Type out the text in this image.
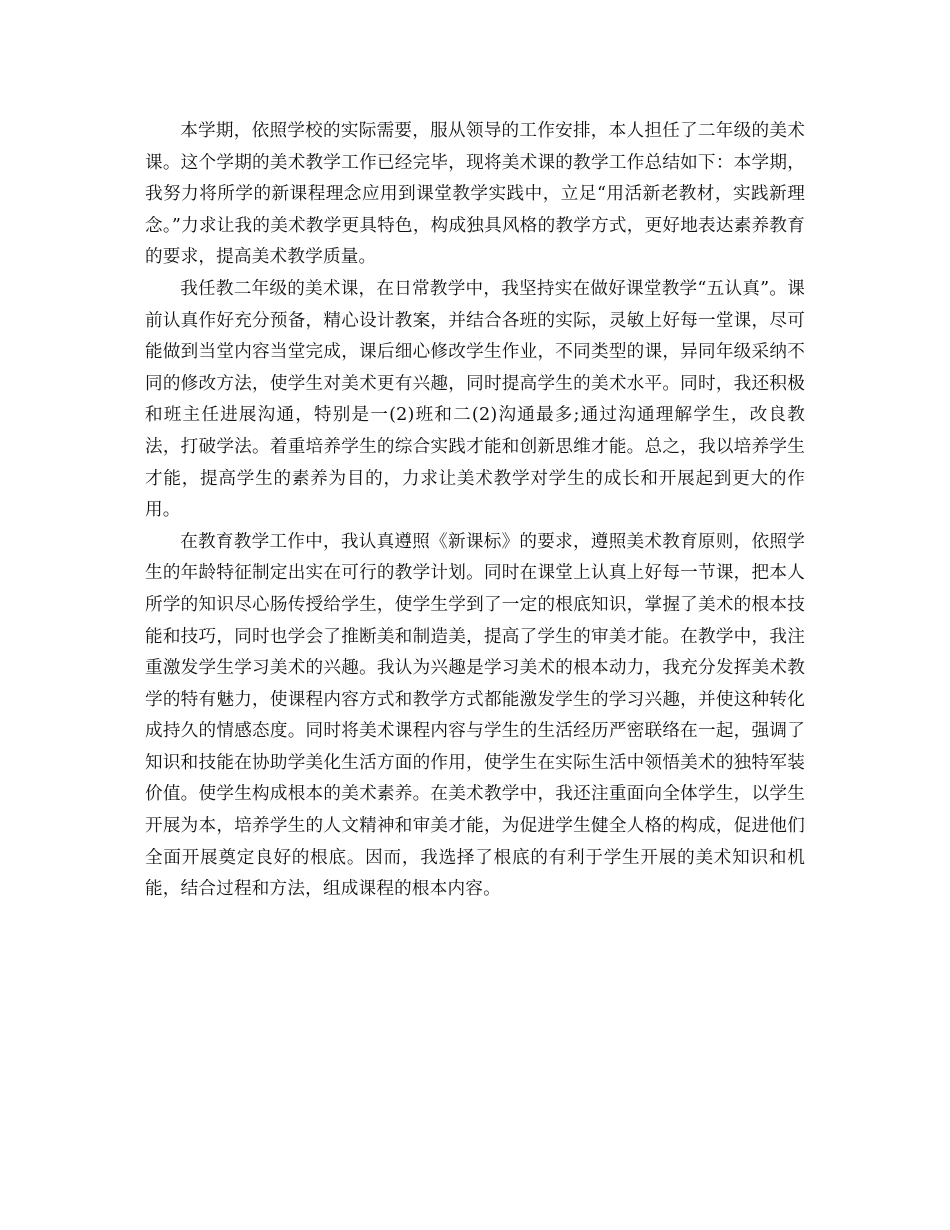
本学期，依照学校的实际需要，服从领导的工作安排，本人担任了二年级的美术课。这个学期的美术教学工作已经完毕，现将美术课的教学工作总结如下：本学期，我努力将所学的新课程理念应用到课堂教学实践中，立足“用活新老教材，实践新理念。”力求让我的美术教学更具特色，构成独具风格的教学方式，更好地表达素养教育的要求，提高美术教学质量。

我任教二年级的美术课，在日常教学中，我坚持实在做好课堂教学“五认真”。课前认真作好充分预备，精心设计教案，并结合各班的实际，灵敏上好每一堂课，尽可能做到当堂内容当堂完成，课后细心修改学生作业，不同类型的课，异同年级采纳不同的修改方法，使学生对美术更有兴趣，同时提高学生的美术水平。同时，我还积极和班主任进展沟通，特别是一(2)班和二(2)沟通最多;通过沟通理解学生，改良教法，打破学法。着重培养学生的综合实践才能和创新思维才能。总之，我以培养学生才能，提高学生的素养为目的，力求让美术教学对学生的成长和开展起到更大的作用。

在教育教学工作中，我认真遵照《新课标》的要求，遵照美术教育原则，依照学生的年龄特征制定出实在可行的教学计划。同时在课堂上认真上好每一节课，把本人所学的知识尽心肠传授给学生，使学生学到了一定的根底知识，掌握了美术的根本技能和技巧，同时也学会了推断美和制造美，提高了学生的审美才能。在教学中，我注重激发学生学习美术的兴趣。我认为兴趣是学习美术的根本动力，我充分发挥美术教学的特有魅力，使课程内容方式和教学方式都能激发学生的学习兴趣，并使这种转化成持久的情感态度。同时将美术课程内容与学生的生活经历严密联络在一起，强调了知识和技能在协助学美化生活方面的作用，使学生在实际生活中领悟美术的独特军装价值。使学生构成根本的美术素养。在美术教学中，我还注重面向全体学生，以学生开展为本，培养学生的人文精神和审美才能，为促进学生健全人格的构成，促进他们全面开展奠定良好的根底。因而，我选择了根底的有利于学生开展的美术知识和机能，结合过程和方法，组成课程的根本内容。
